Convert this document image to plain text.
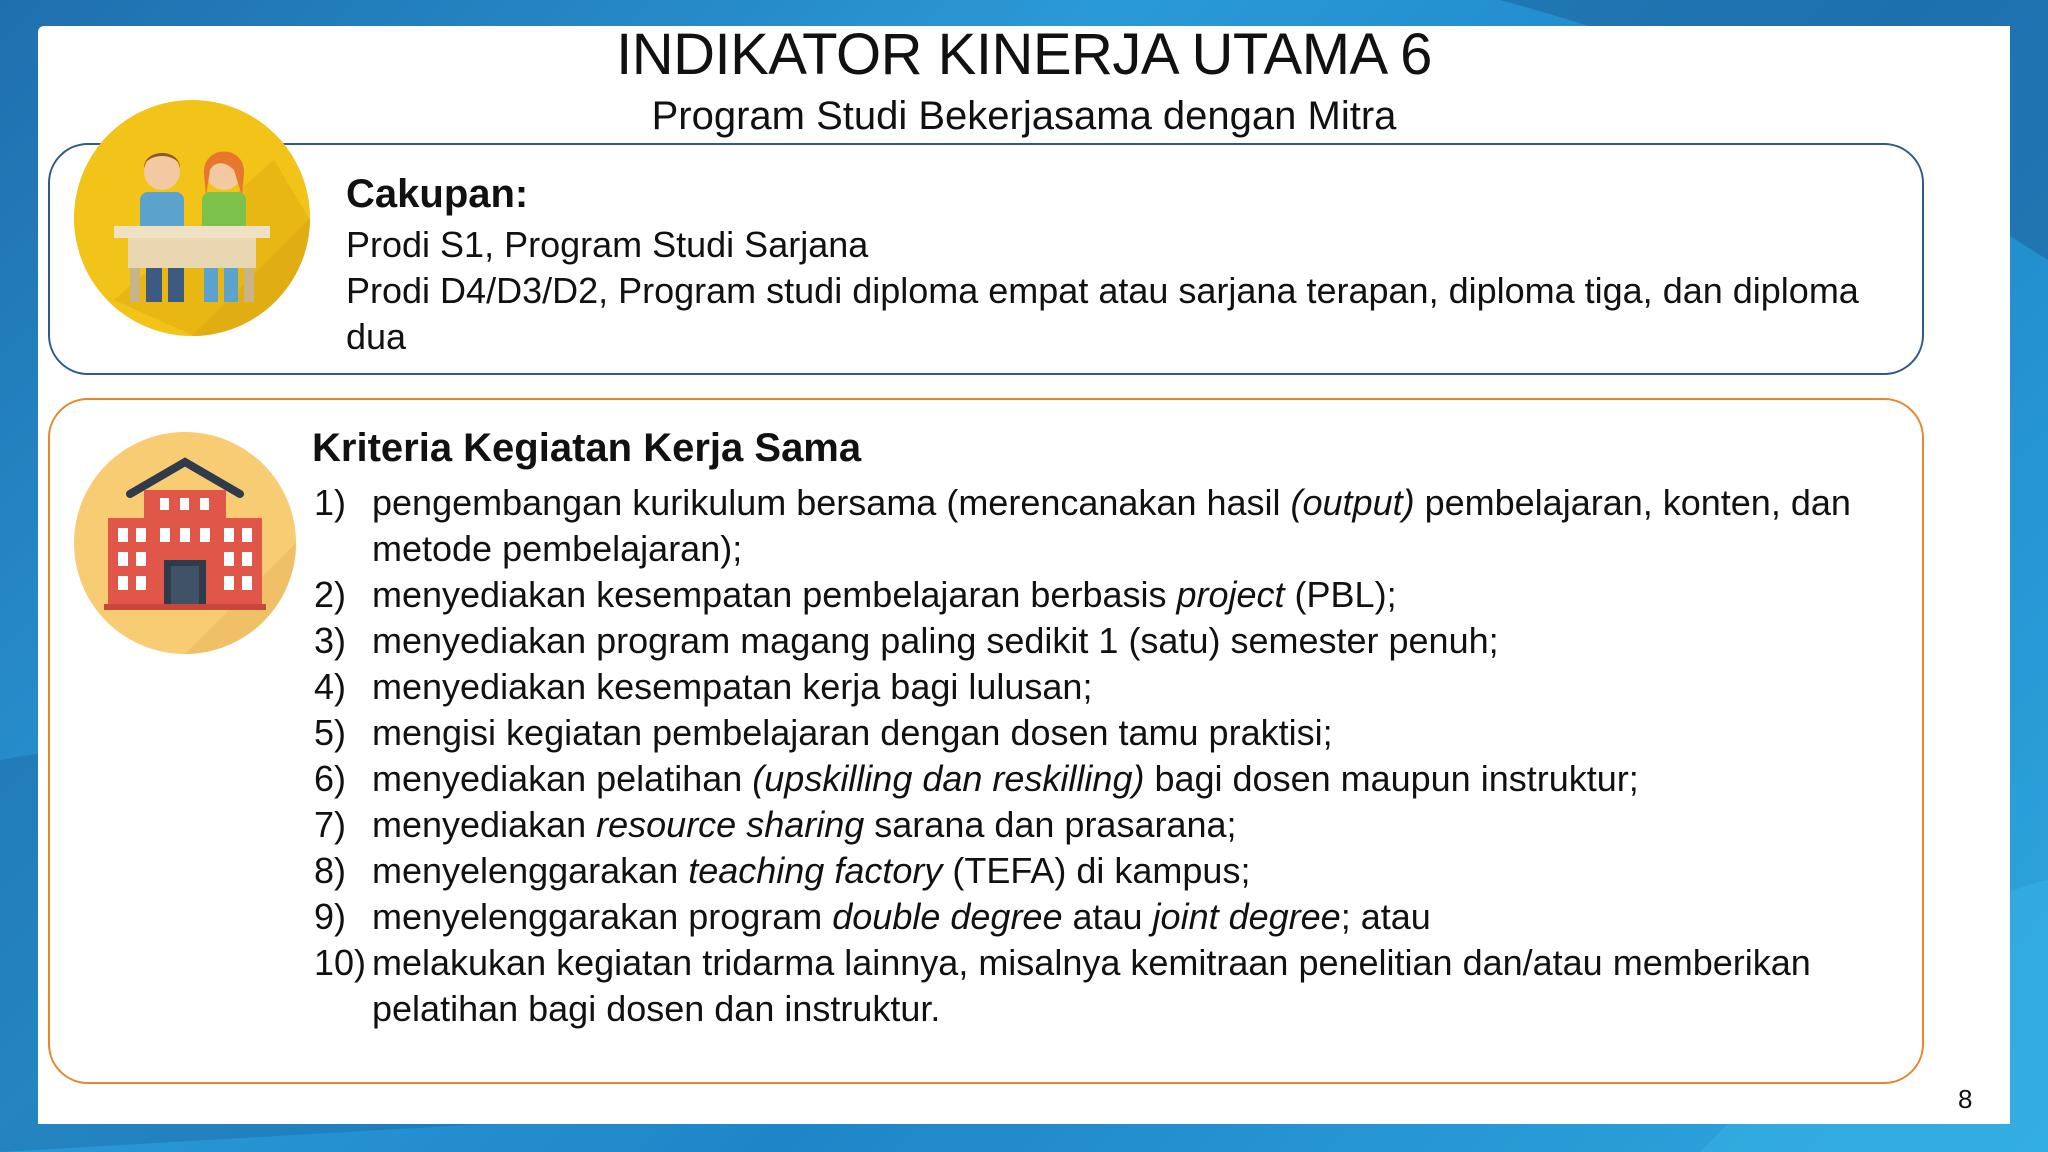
INDIKATOR KINERJA UTAMA 6
Program Studi Bekerjasama dengan Mitra
Cakupan:
Prodi S1, Program Studi Sarjana
Prodi D4/D3/D2, Program studi diploma empat atau sarjana terapan, diploma tiga, dan diploma dua
Kriteria Kegiatan Kerja Sama
1) pengembangan kurikulum bersama (merencanakan hasil (output) pembelajaran, konten, dan metode pembelajaran);
2) menyediakan kesempatan pembelajaran berbasis project (PBL);
3) menyediakan program magang paling sedikit 1 (satu) semester penuh;
4) menyediakan kesempatan kerja bagi lulusan;
5) mengisi kegiatan pembelajaran dengan dosen tamu praktisi;
6) menyediakan pelatihan (upskilling dan reskilling) bagi dosen maupun instruktur;
7) menyediakan resource sharing sarana dan prasarana;
8) menyelenggarakan teaching factory (TEFA) di kampus;
9) menyelenggarakan program double degree atau joint degree; atau
10) melakukan kegiatan tridarma lainnya, misalnya kemitraan penelitian dan/atau memberikan pelatihan bagi dosen dan instruktur.
8
